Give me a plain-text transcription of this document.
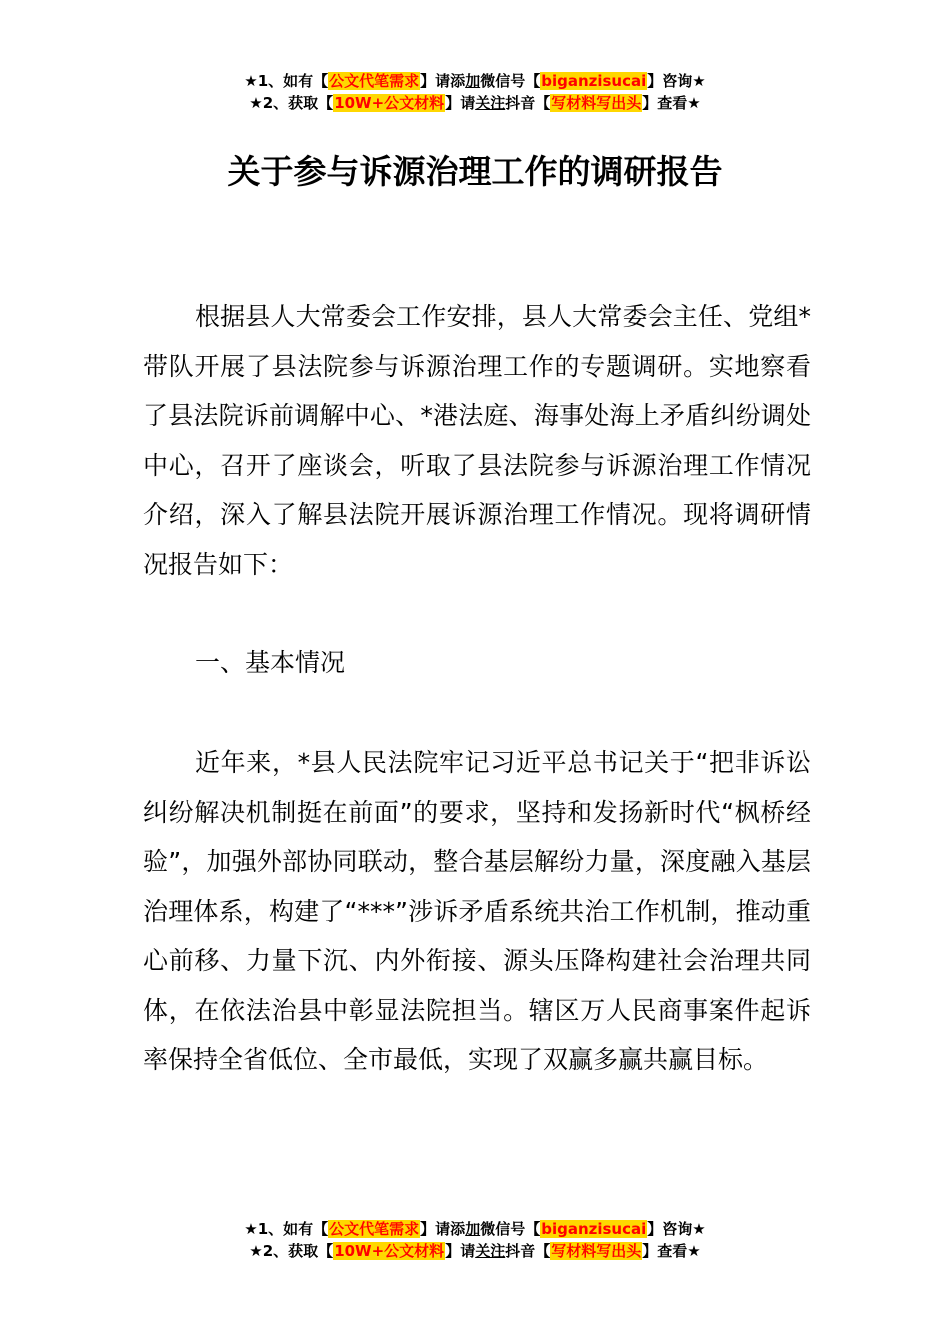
★1、如有【公文代笔需求】请添加微信号【biganzisucai】咨询★
★2、获取【10W+公文材料】请关注抖音【写材料写出头】查看★
关于参与诉源治理工作的调研报告

根据县人大常委会工作安排，县人大常委会主任、党组*带队开展了县法院参与诉源治理工作的专题调研。实地察看了县法院诉前调解中心、*港法庭、海事处海上矛盾纠纷调处中心，召开了座谈会，听取了县法院参与诉源治理工作情况介绍，深入了解县法院开展诉源治理工作情况。现将调研情况报告如下：

一、基本情况

近年来，*县人民法院牢记习近平总书记关于“把非诉讼纠纷解决机制挺在前面”的要求，坚持和发扬新时代“枫桥经验”，加强外部协同联动，整合基层解纷力量，深度融入基层治理体系，构建了“***”涉诉矛盾系统共治工作机制，推动重心前移、力量下沉、内外衔接、源头压降构建社会治理共同体，在依法治县中彰显法院担当。辖区万人民商事案件起诉率保持全省低位、全市最低，实现了双赢多赢共赢目标。

★1、如有【公文代笔需求】请添加微信号【biganzisucai】咨询★
★2、获取【10W+公文材料】请关注抖音【写材料写出头】查看★
